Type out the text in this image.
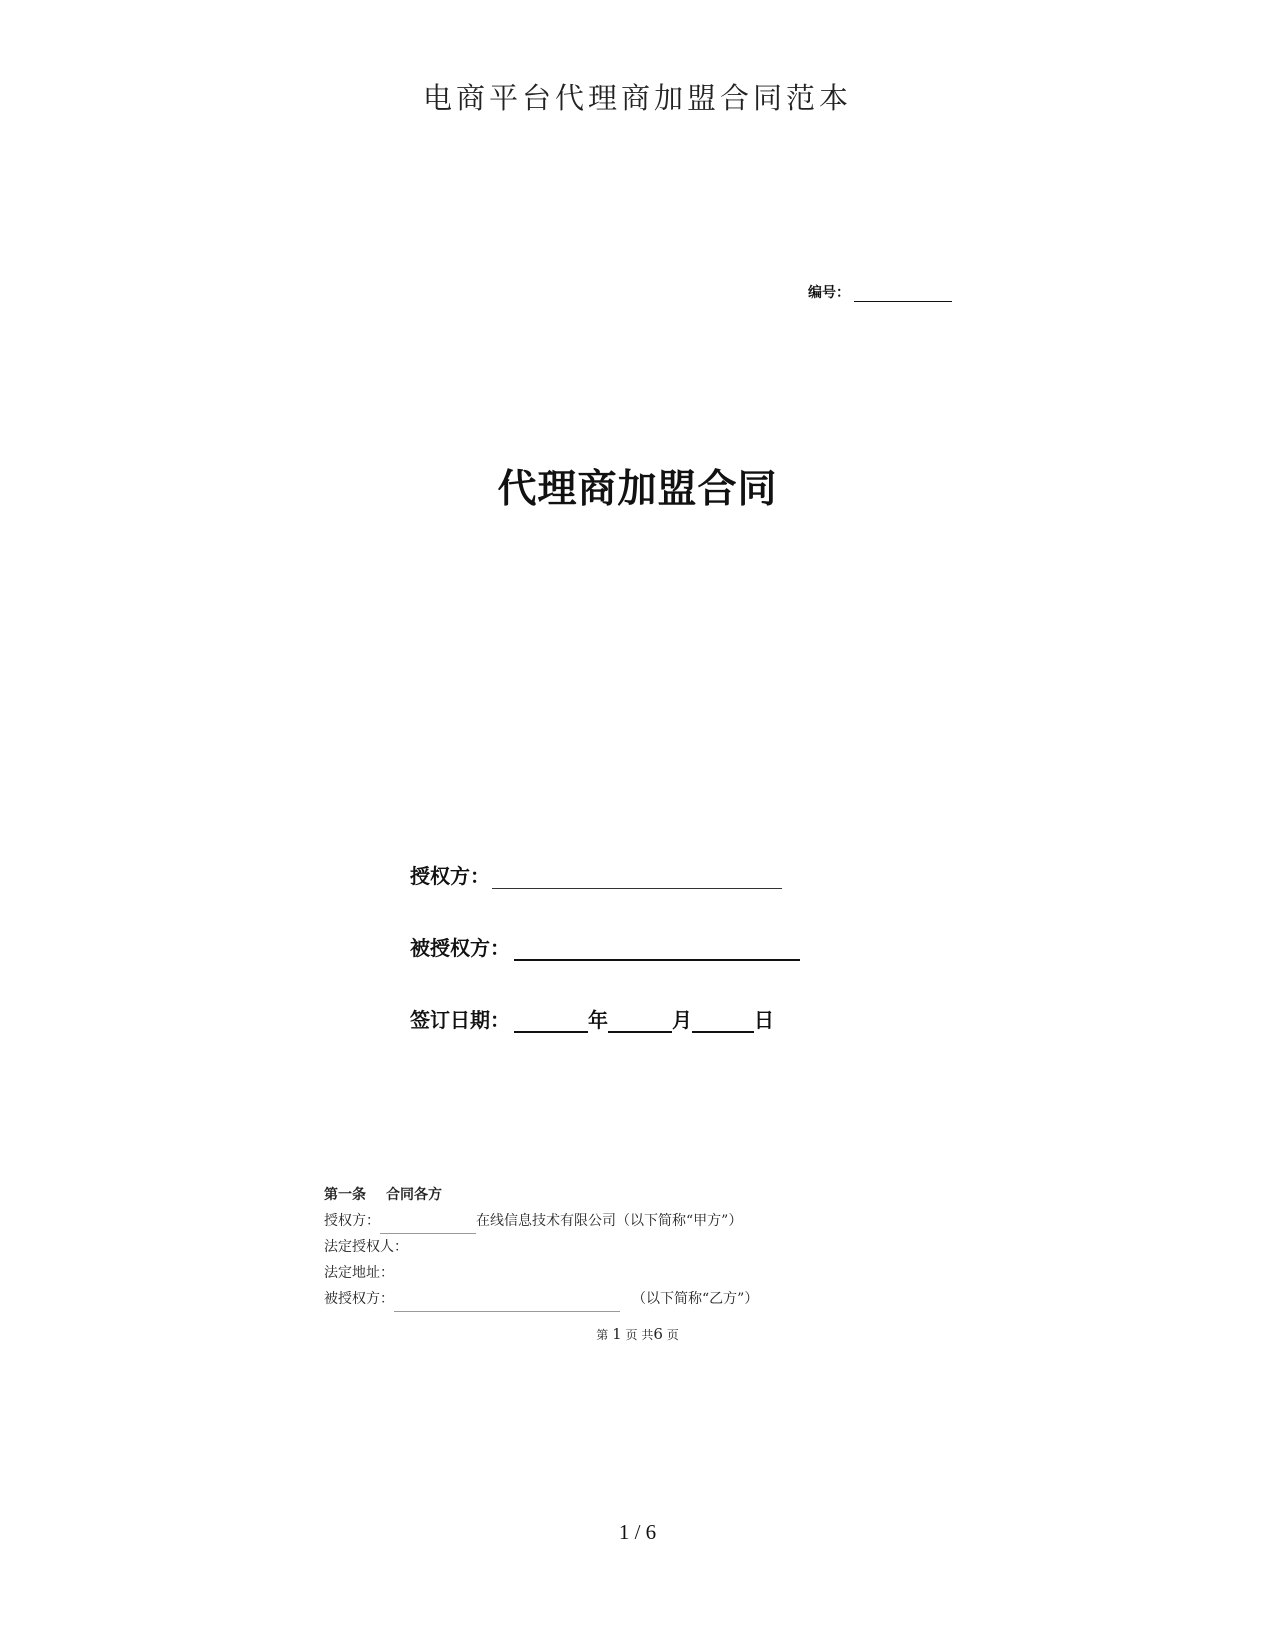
电商平台代理商加盟合同范本
编号：
代理商加盟合同
授权方：
被授权方：
签订日期：	年	月	日
第一条 合同各方
授权方：	在线信息技术有限公司（以下简称“甲方”）
法定授权人：
法定地址：
被授权方：	（以下简称“乙方”）
第 1 页 共6 页
1 / 6
